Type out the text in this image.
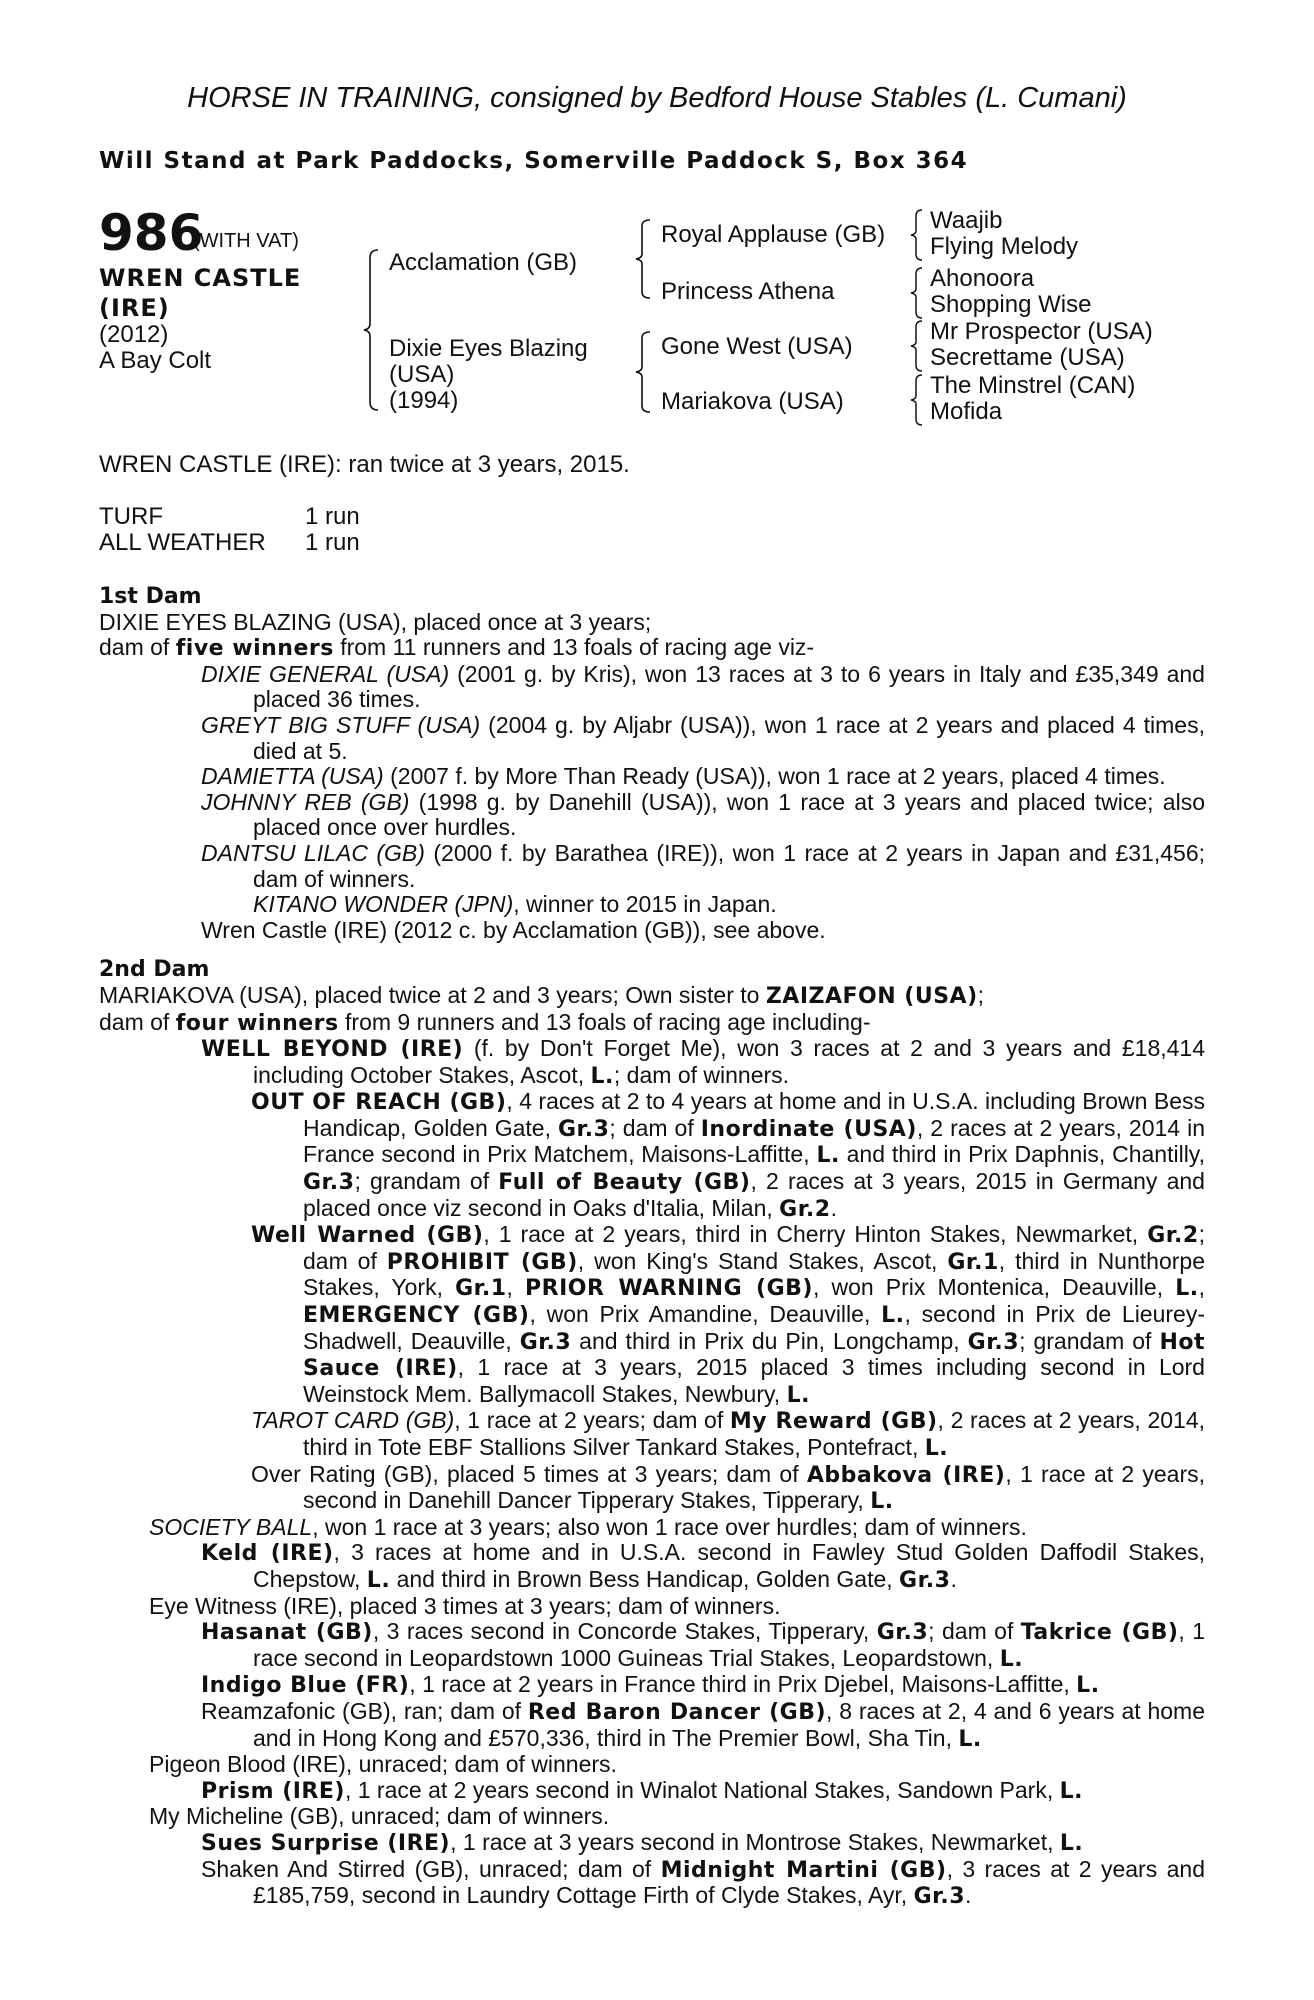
HORSE IN TRAINING, consigned by Bedford House Stables (L. Cumani)
Will Stand at Park Paddocks, Somerville Paddock S, Box 364
986
(WITH VAT)
WREN CASTLE
(IRE)
(2012)
A Bay Colt
Acclamation (GB)
Dixie Eyes Blazing
(USA)
(1994)
Royal Applause (GB)
Princess Athena
Gone West (USA)
Mariakova (USA)
Waajib
Flying Melody
Ahonoora
Shopping Wise
Mr Prospector (USA)
Secrettame (USA)
The Minstrel (CAN)
Mofida
WREN CASTLE (IRE): ran twice at 3 years, 2015.
TURF	1 run
ALL WEATHER 1 run

1st Dam

DIXIE EYES BLAZING (USA), placed once at 3 years;

dam of five winners from 11 runners and 13 foals of racing age viz-

DIXIE GENERAL (USA) (2001 g. by Kris), won 13 races at 3 to 6 years in Italy and £35,349 and placed 36 times.

GREYT BIG STUFF (USA) (2004 g. by Aljabr (USA)), won 1 race at 2 years and placed 4 times, died at 5.

DAMIETTA (USA) (2007 f. by More Than Ready (USA)), won 1 race at 2 years, placed 4 times.

JOHNNY REB (GB) (1998 g. by Danehill (USA)), won 1 race at 3 years and placed twice; also placed once over hurdles.

DANTSU LILAC (GB) (2000 f. by Barathea (IRE)), won 1 race at 2 years in Japan and £31,456; dam of winners.

KITANO WONDER (JPN), winner to 2015 in Japan.

Wren Castle (IRE) (2012 c. by Acclamation (GB)), see above.

2nd Dam

MARIAKOVA (USA), placed twice at 2 and 3 years; Own sister to ZAIZAFON (USA);

dam of four winners from 9 runners and 13 foals of racing age including-

WELL BEYOND (IRE) (f. by Don't Forget Me), won 3 races at 2 and 3 years and £18,414 including October Stakes, Ascot, L.; dam of winners.

OUT OF REACH (GB), 4 races at 2 to 4 years at home and in U.S.A. including Brown Bess Handicap, Golden Gate, Gr.3; dam of Inordinate (USA), 2 races at 2 years, 2014 in France second in Prix Matchem, Maisons-Laffitte, L. and third in Prix Daphnis, Chantilly, Gr.3; grandam of Full of Beauty (GB), 2 races at 3 years, 2015 in Germany and placed once viz second in Oaks d'Italia, Milan, Gr.2.

Well Warned (GB), 1 race at 2 years, third in Cherry Hinton Stakes, Newmarket, Gr.2; dam of PROHIBIT (GB), won King's Stand Stakes, Ascot, Gr.1, third in Nunthorpe Stakes, York, Gr.1, PRIOR WARNING (GB), won Prix Montenica, Deauville, L., EMERGENCY (GB), won Prix Amandine, Deauville, L., second in Prix de Lieurey-Shadwell, Deauville, Gr.3 and third in Prix du Pin, Longchamp, Gr.3; grandam of Hot Sauce (IRE), 1 race at 3 years, 2015 placed 3 times including second in Lord Weinstock Mem. Ballymacoll Stakes, Newbury, L.

TAROT CARD (GB), 1 race at 2 years; dam of My Reward (GB), 2 races at 2 years, 2014, third in Tote EBF Stallions Silver Tankard Stakes, Pontefract, L.

Over Rating (GB), placed 5 times at 3 years; dam of Abbakova (IRE), 1 race at 2 years, second in Danehill Dancer Tipperary Stakes, Tipperary, L.

SOCIETY BALL, won 1 race at 3 years; also won 1 race over hurdles; dam of winners.

Keld (IRE), 3 races at home and in U.S.A. second in Fawley Stud Golden Daffodil Stakes, Chepstow, L. and third in Brown Bess Handicap, Golden Gate, Gr.3.

Eye Witness (IRE), placed 3 times at 3 years; dam of winners.

Hasanat (GB), 3 races second in Concorde Stakes, Tipperary, Gr.3; dam of Takrice (GB), 1 race second in Leopardstown 1000 Guineas Trial Stakes, Leopardstown, L.

Indigo Blue (FR), 1 race at 2 years in France third in Prix Djebel, Maisons-Laffitte, L.

Reamzafonic (GB), ran; dam of Red Baron Dancer (GB), 8 races at 2, 4 and 6 years at home and in Hong Kong and £570,336, third in The Premier Bowl, Sha Tin, L.

Pigeon Blood (IRE), unraced; dam of winners.

Prism (IRE), 1 race at 2 years second in Winalot National Stakes, Sandown Park, L.

My Micheline (GB), unraced; dam of winners.

Sues Surprise (IRE), 1 race at 3 years second in Montrose Stakes, Newmarket, L.

Shaken And Stirred (GB), unraced; dam of Midnight Martini (GB), 3 races at 2 years and £185,759, second in Laundry Cottage Firth of Clyde Stakes, Ayr, Gr.3.
